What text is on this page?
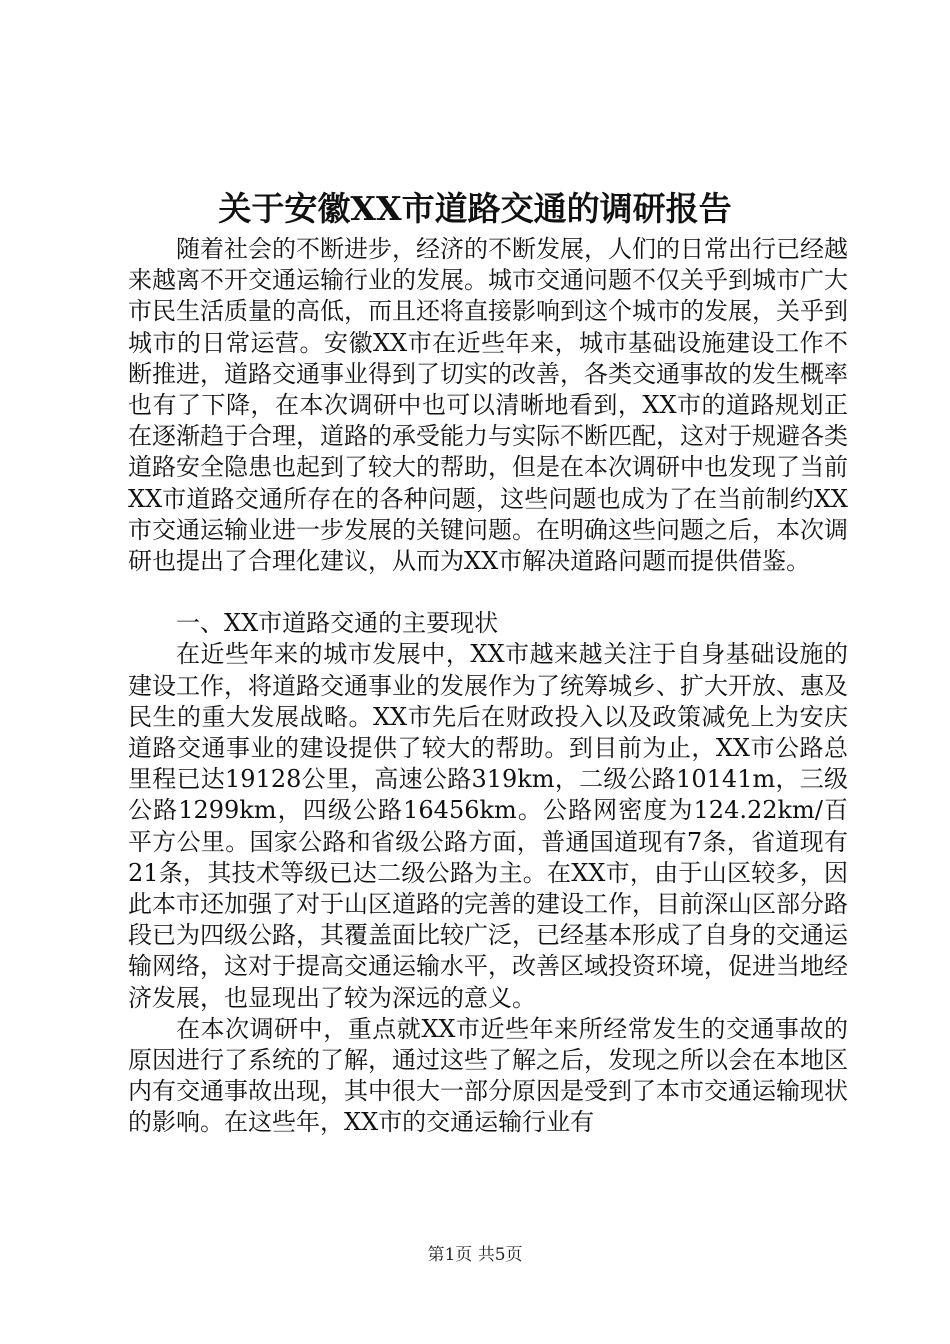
关于安徽XX市道路交通的调研报告

随着社会的不断进步，经济的不断发展，人们的日常出行已经越来越离不开交通运输行业的发展。城市交通问题不仅关乎到城市广大市民生活质量的高低，而且还将直接影响到这个城市的发展，关乎到城市的日常运营。安徽XX市在近些年来，城市基础设施建设工作不断推进，道路交通事业得到了切实的改善，各类交通事故的发生概率也有了下降，在本次调研中也可以清晰地看到，XX市的道路规划正在逐渐趋于合理，道路的承受能力与实际不断匹配，这对于规避各类道路安全隐患也起到了较大的帮助，但是在本次调研中也发现了当前XX市道路交通所存在的各种问题，这些问题也成为了在当前制约XX市交通运输业进一步发展的关键问题。在明确这些问题之后，本次调研也提出了合理化建议，从而为XX市解决道路问题而提供借鉴。

一、XX市道路交通的主要现状

在近些年来的城市发展中，XX市越来越关注于自身基础设施的建设工作，将道路交通事业的发展作为了统筹城乡、扩大开放、惠及民生的重大发展战略。XX市先后在财政投入以及政策减免上为安庆道路交通事业的建设提供了较大的帮助。到目前为止，XX市公路总里程已达19128公里，高速公路319km，二级公路10141m，三级公路1299km，四级公路16456km。公路网密度为124.22km/百平方公里。国家公路和省级公路方面，普通国道现有7条，省道现有21条，其技术等级已达二级公路为主。在XX市，由于山区较多，因此本市还加强了对于山区道路的完善的建设工作，目前深山区部分路段已为四级公路，其覆盖面比较广泛，已经基本形成了自身的交通运输网络，这对于提高交通运输水平，改善区域投资环境，促进当地经济发展，也显现出了较为深远的意义。

在本次调研中，重点就XX市近些年来所经常发生的交通事故的原因进行了系统的了解，通过这些了解之后，发现之所以会在本地区内有交通事故出现，其中很大一部分原因是受到了本市交通运输现状的影响。在这些年，XX市的交通运输行业有

第1页 共5页
